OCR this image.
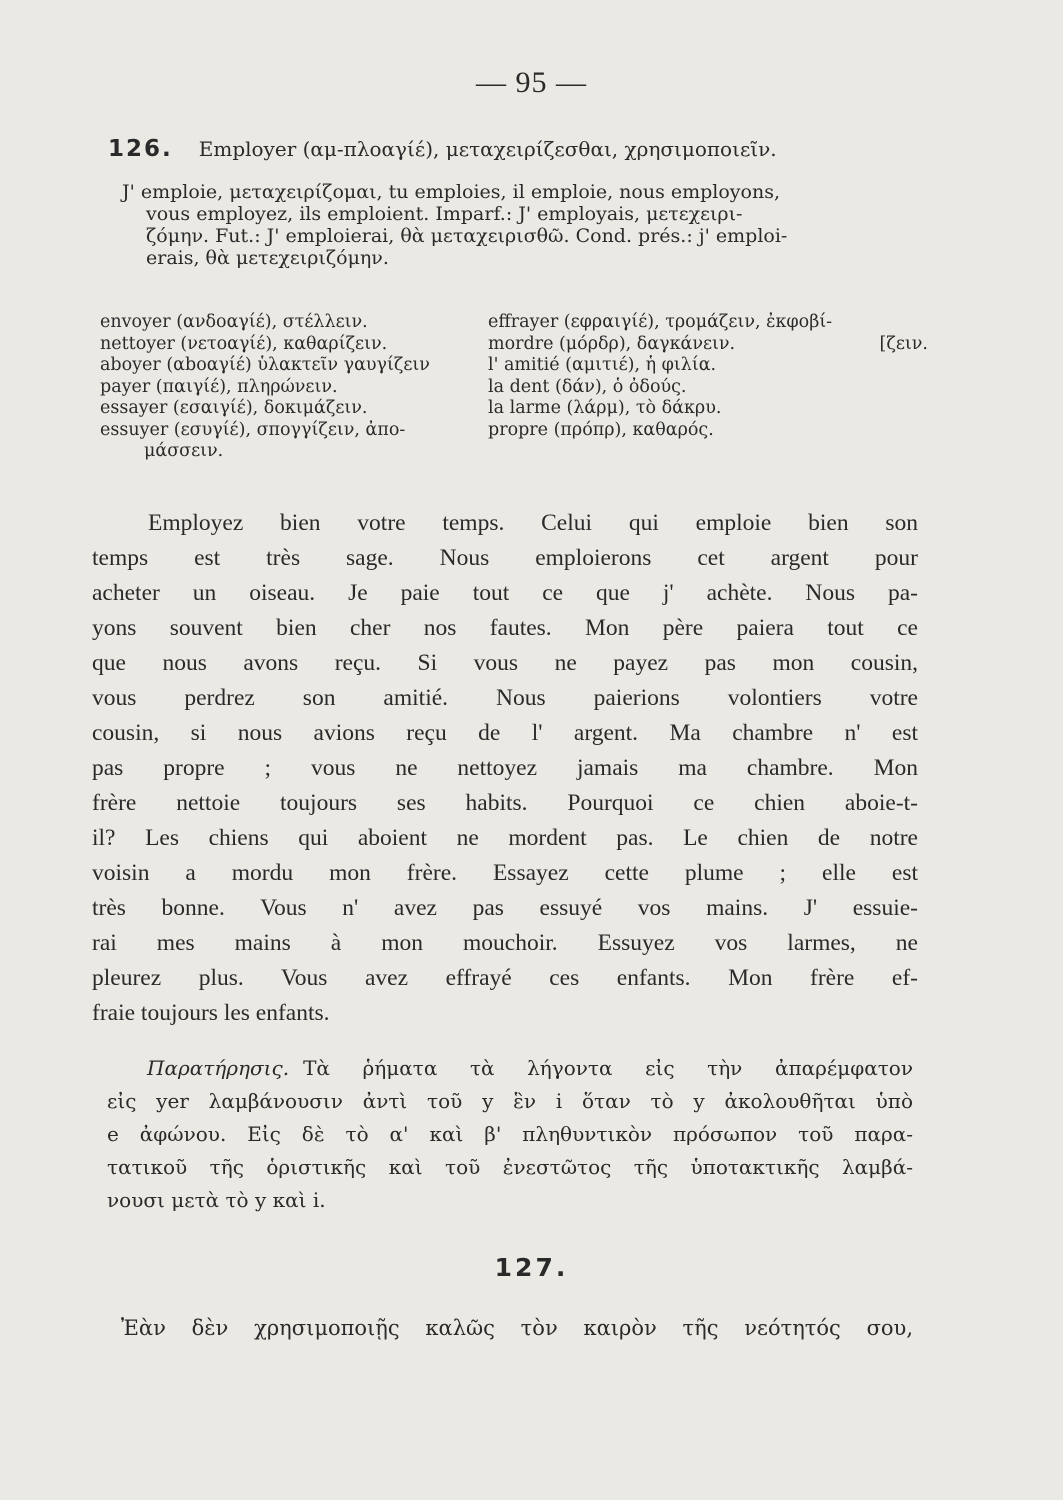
— 95 —
126. Employer (αμ-πλοαγίέ), μεταχειρίζεσθαι, χρησιμοποιεῖν.
J' emploie, μεταχειρίζομαι, tu emploies, il emploie, nous employons,
vous employez, ils emploient. Imparf.: J' employais, μετεχειρι-
ζόμην. Fut.: J' emploierai, θὰ μεταχειρισθῶ. Cond. prés.: j' emploi-
erais, θὰ μετεχειριζόμην.
envoyer (ανδοαγίέ), στέλλειν.
nettoyer (νετοαγίέ), καθαρίζειν.
aboyer (αboαγίέ) ὑλακτεῖν γαυγίζειν
payer (παιγίέ), πληρώνειν.
essayer (εσαιγίέ), δοκιμάζειν.
essuyer (εσυγίέ), σπογγίζειν, ἀπο-
μάσσειν.
effrayer (εφραιγίέ), τρομάζειν, ἐκφοβί-
mordre (μόρδρ), δαγκάνειν.	[ζειν.
l' amitié (αμιτιέ), ἡ φιλία.
la dent (δάν), ὁ ὀδούς.
la larme (λάρμ), τὸ δάκρυ.
propre (πρόπρ), καθαρός.
Employez bien votre temps. Celui qui emploie bien son
temps est très sage. Nous emploierons cet argent pour
acheter un oiseau. Je paie tout ce que j' achète. Nous pa-
yons souvent bien cher nos fautes. Mon père paiera tout ce
que nous avons reçu. Si vous ne payez pas mon cousin,
vous perdrez son amitié. Nous paierions volontiers votre
cousin, si nous avions reçu de l' argent. Ma chambre n' est
pas propre ; vous ne nettoyez jamais ma chambre. Mon
frère nettoie toujours ses habits. Pourquoi ce chien aboie-t-
il? Les chiens qui aboient ne mordent pas. Le chien de notre
voisin a mordu mon frère. Essayez cette plume ; elle est
très bonne. Vous n' avez pas essuyé vos mains. J' essuie-
rai mes mains à mon mouchoir. Essuyez vos larmes, ne
pleurez plus. Vous avez effrayé ces enfants. Mon frère ef-
fraie toujours les enfants.
Παρατήρησις. Τὰ ῥήματα τὰ λήγοντα εἰς τὴν ἀπαρέμφατον
εἰς yer λαμβάνουσιν ἀντὶ τοῦ y ἓν i ὅταν τὸ y ἀκολουθῆται ὑπὸ
e ἀφώνου. Εἰς δὲ τὸ α' καὶ β' πληθυντικὸν πρόσωπον τοῦ παρα-
τατικοῦ τῆς ὁριστικῆς καὶ τοῦ ἐνεστῶτος τῆς ὑποτακτικῆς λαμβά-
νουσι μετὰ τὸ y καὶ i.
127.
Ἐὰν δὲν χρησιμοποιῇς καλῶς τὸν καιρὸν τῆς νεότητός σου,
